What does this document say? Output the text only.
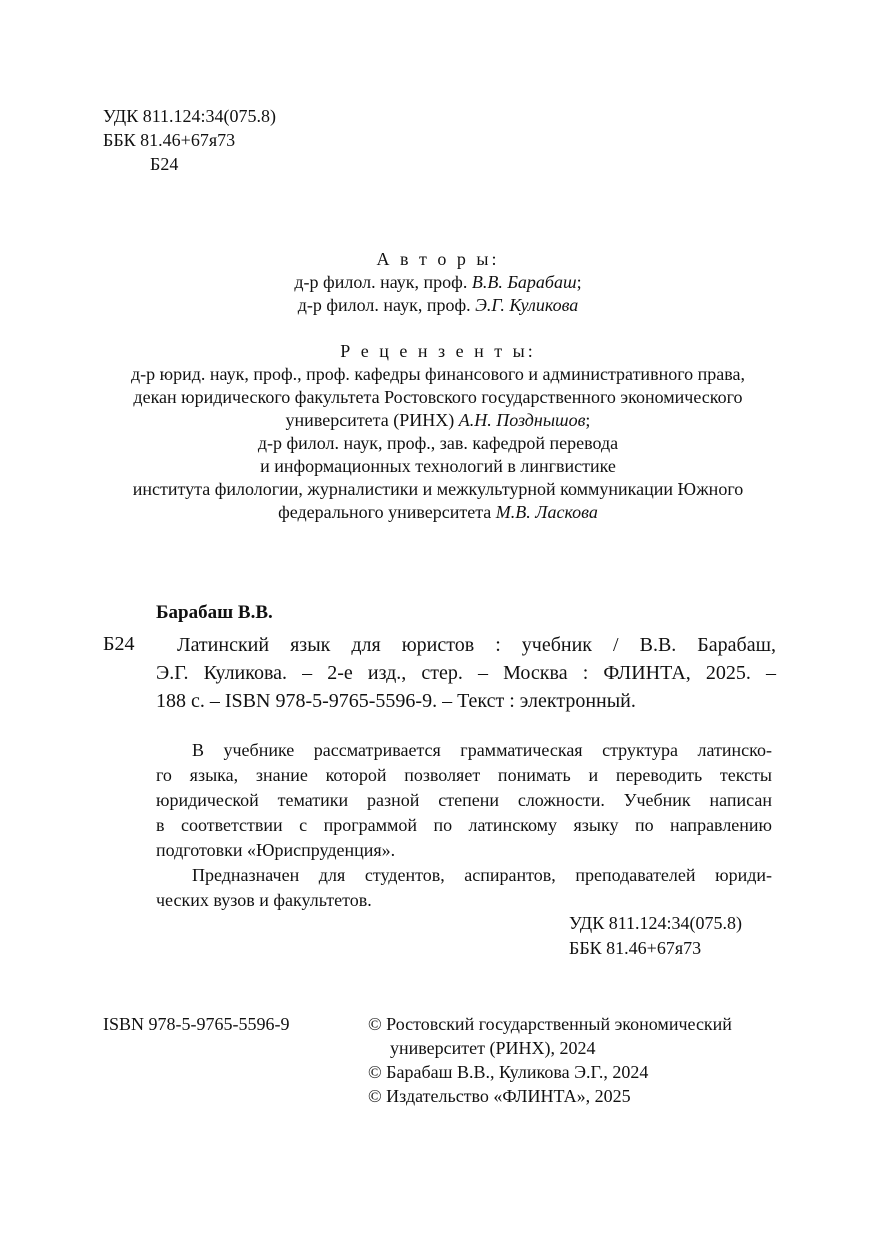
УДК 811.124:34(075.8)
ББК 81.46+67я73
Б24
А в т о р ы:
д-р филол. наук, проф. В.В. Барабаш;
д-р филол. наук, проф. Э.Г. Куликова
Р е ц е н з е н т ы:
д-р юрид. наук, проф., проф. кафедры финансового и административного права,
декан юридического факультета Ростовского государственного экономического
университета (РИНХ) А.Н. Позднышов;
д-р филол. наук, проф., зав. кафедрой перевода
и информационных технологий в лингвистике
института филологии, журналистики и межкультурной коммуникации Южного
федерального университета М.В. Ласкова
Барабаш В.В.
Б24	Латинский язык для юристов : учебник / В.В. Барабаш,
Э.Г. Куликова. – 2-е изд., стер. – Москва : ФЛИНТА, 2025. –
188 с. – ISBN 978-5-9765-5596-9. – Текст : электронный.
В учебнике рассматривается грамматическая структура латинско-
го языка, знание которой позволяет понимать и переводить тексты
юридической тематики разной степени сложности. Учебник написан
в соответствии с программой по латинскому языку по направлению
подготовки «Юриспруденция».
Предназначен для студентов, аспирантов, преподавателей юриди-
ческих вузов и факультетов.
УДК 811.124:34(075.8)
ББК 81.46+67я73
ISBN 978-5-9765-5596-9	© Ростовский государственный экономический
университет (РИНХ), 2024
© Барабаш В.В., Куликова Э.Г., 2024
© Издательство «ФЛИНТА», 2025
